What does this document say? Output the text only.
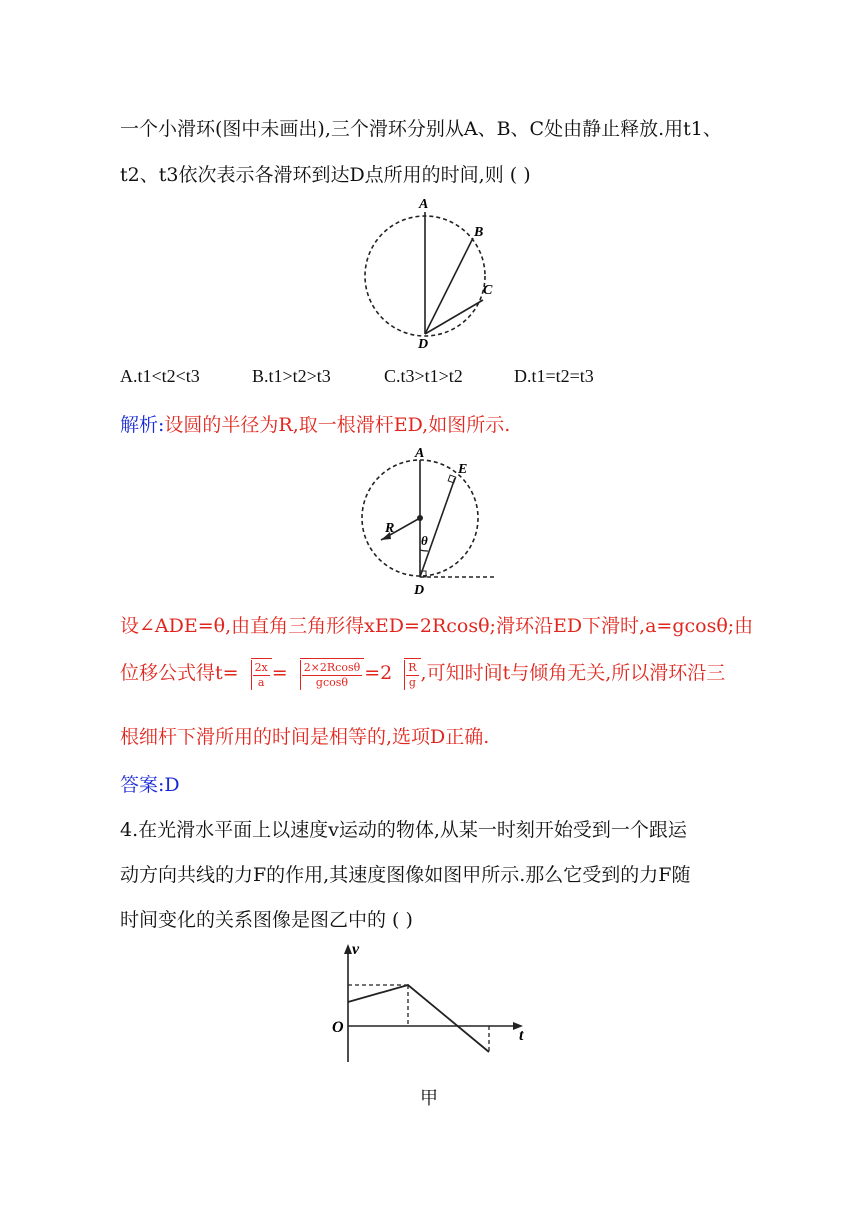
一个小滑环(图中未画出),三个滑环分别从A、B、C处由静止释放.用t1、
t2、t3依次表示各滑环到达D点所用的时间,则 ( )
A
B
C
D
A.t1<t2<t3	B.t1>t2>t3	C.t3>t1>t2	D.t1=t2=t3
解析:设圆的半径为R,取一根滑杆ED,如图所示.
A
E
R
θ
D
设∠ADE=θ,由直角三角形得xED=2Rcosθ;滑环沿ED下滑时,a=gcosθ;由
位移公式得$t= \frac{2x}{a} = \frac{2\times 2Rcos\theta}{gcos\theta} =2 \frac{R}{g}$ ,可知时间t与倾角无关,所以滑环沿三
根细杆下滑所用的时间是相等的,选项D正确.
答案:D
4.在光滑水平面上以速度v运动的物体,从某一时刻开始受到一个跟运
动方向共线的力F的作用,其速度图像如图甲所示.那么它受到的力F随
时间变化的关系图像是图乙中的 ( )
v
t
O
甲
